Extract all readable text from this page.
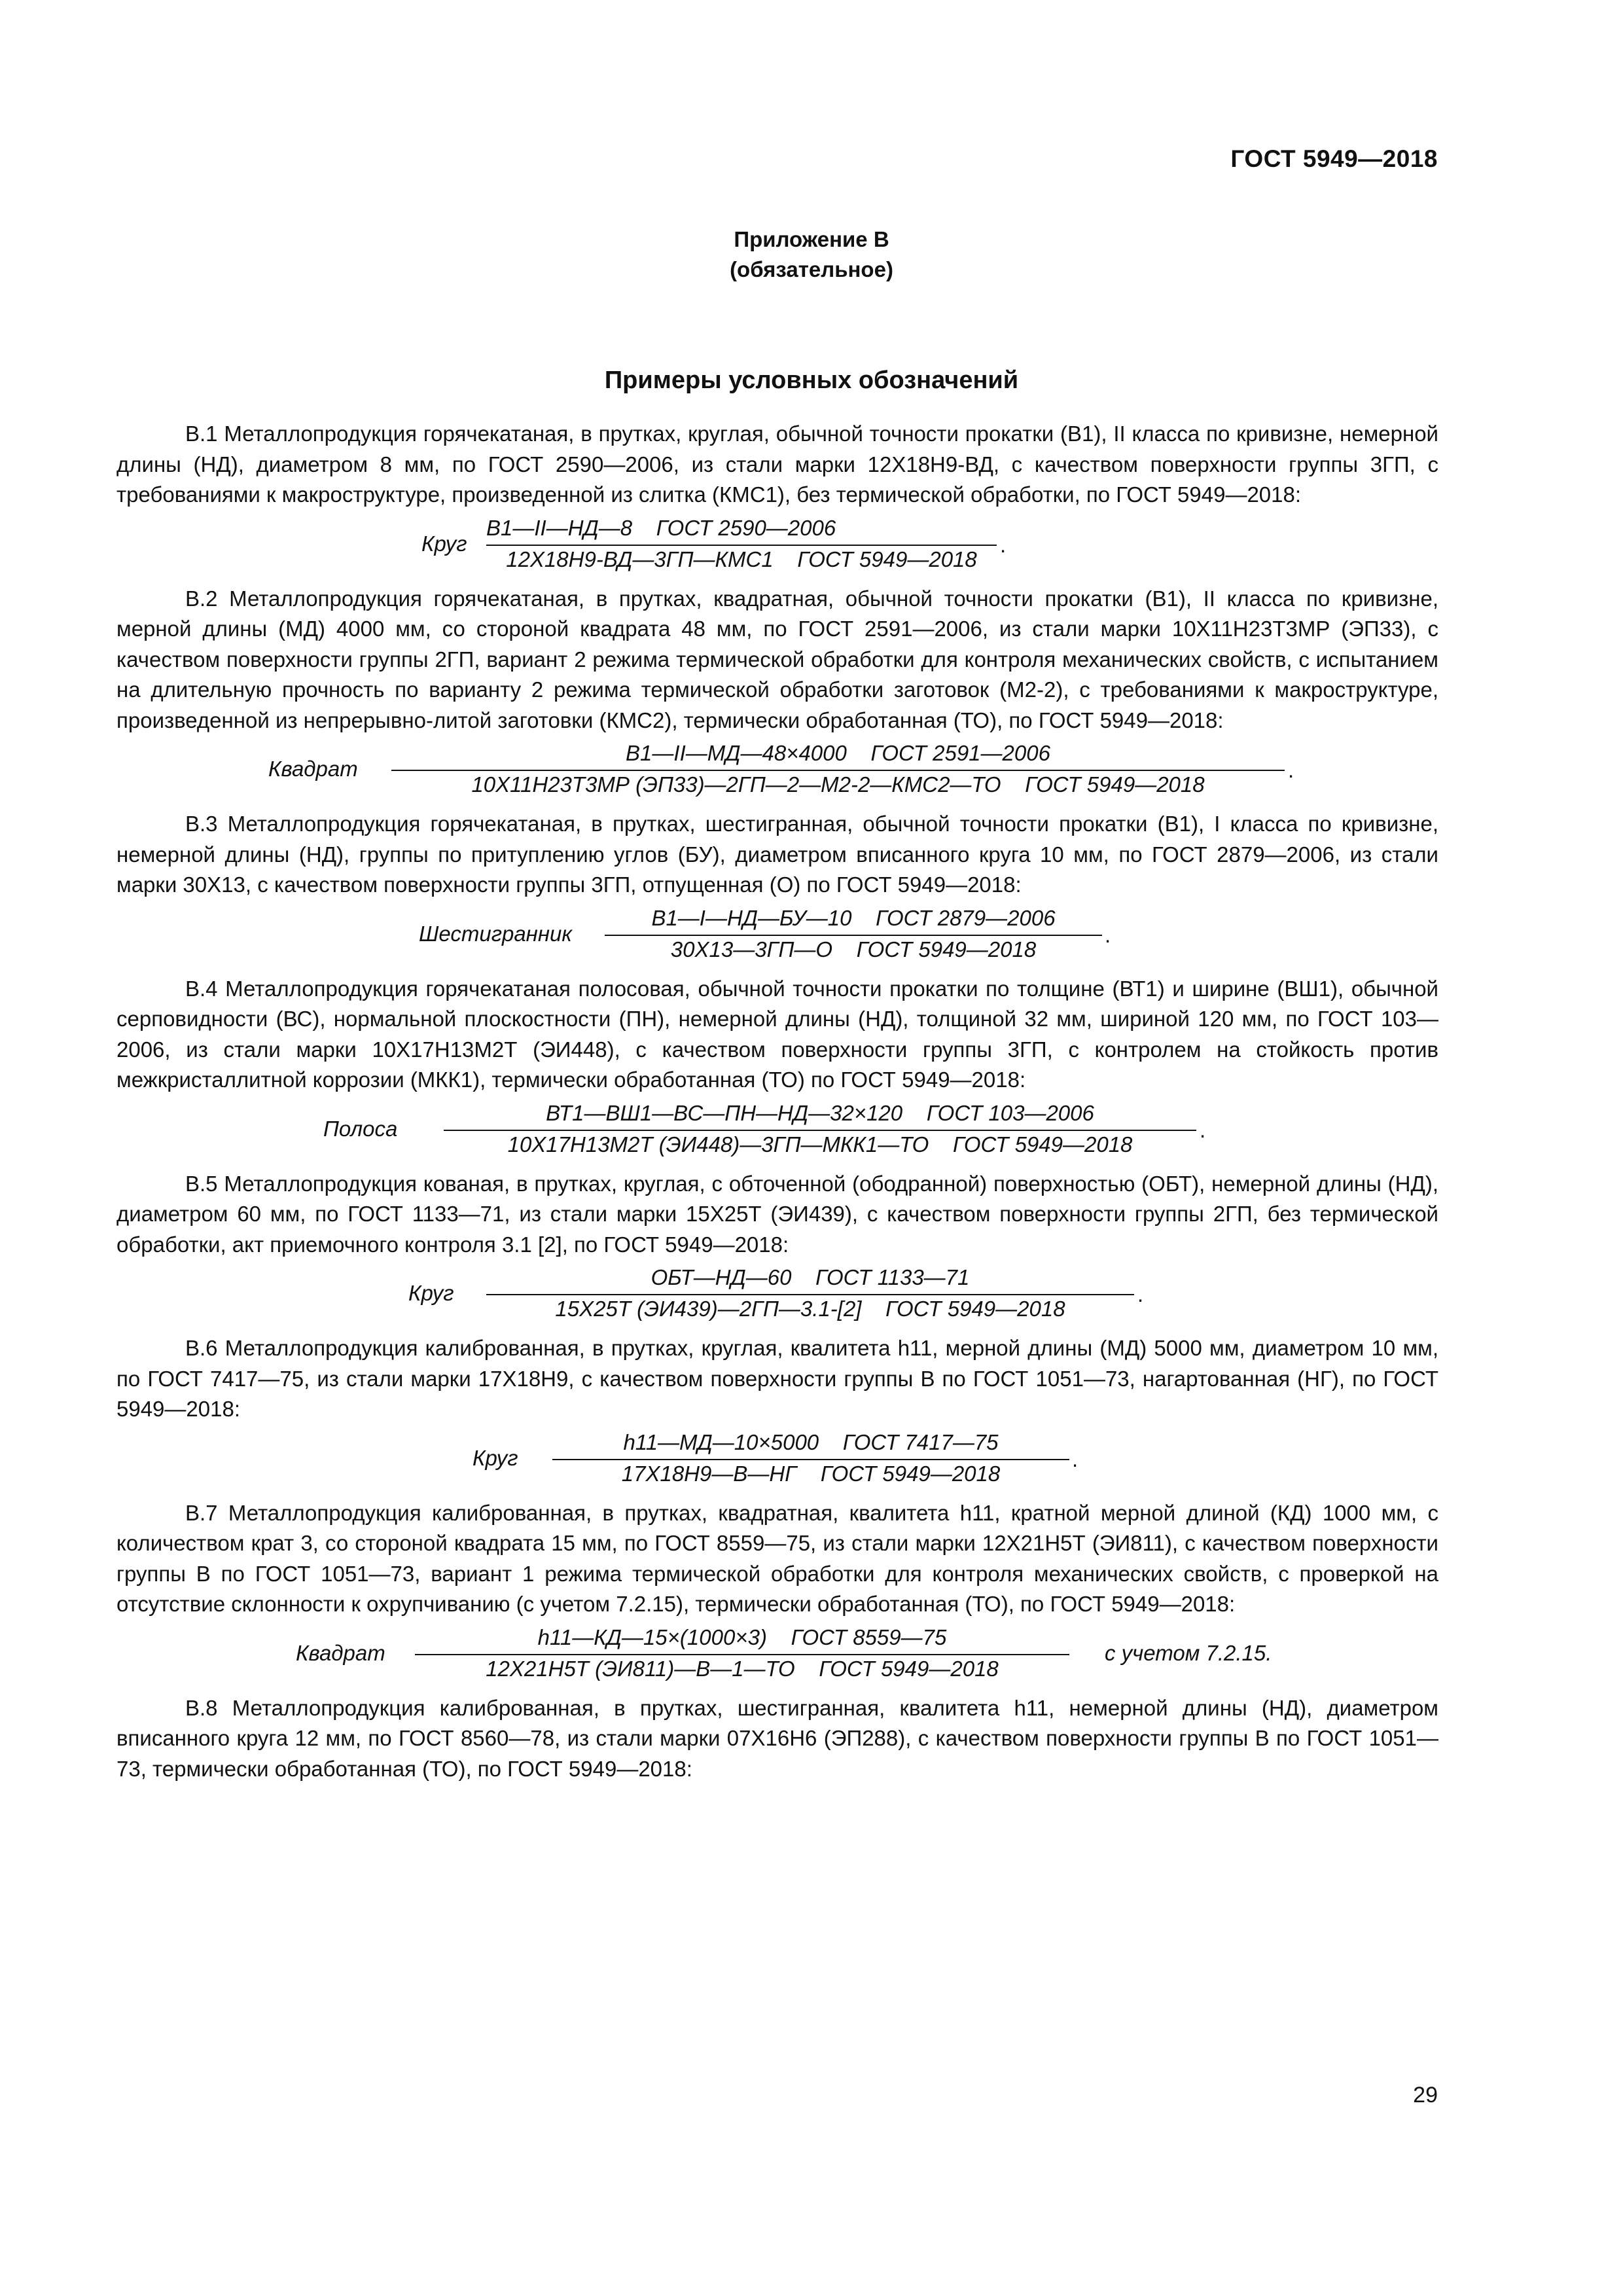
ГОСТ 5949—2018
Приложение В
(обязательное)
Примеры условных обозначений

В.1 Металлопродукция горячекатаная, в прутках, круглая, обычной точности прокатки (В1), II класса по кривизне, немерной длины (НД), диаметром 8 мм, по ГОСТ 2590—2006, из стали марки 12Х18Н9-ВД, с качеством поверхности группы 3ГП, с требованиями к макроструктуре, произведенной из слитка (КМС1), без термической обработки, по ГОСТ 5949—2018:

Круг
В1—II—НД—8    ГОСТ 2590—2006
12Х18Н9-ВД—3ГП—КМС1    ГОСТ 5949—2018
.

В.2 Металлопродукция горячекатаная, в прутках, квадратная, обычной точности прокатки (В1), II класса по кривизне, мерной длины (МД) 4000 мм, со стороной квадрата 48 мм, по ГОСТ 2591—2006, из стали марки 10Х11Н23Т3МР (ЭП33), с качеством поверхности группы 2ГП, вариант 2 режима термической обработки для контроля механических свойств, с испытанием на длительную прочность по варианту 2 режима термической обработки заготовок (М2-2), с требованиями к макроструктуре, произведенной из непрерывно-литой заготовки (КМС2), термически обработанная (ТО), по ГОСТ 5949—2018:

Квадрат
В1—II—МД—48×4000    ГОСТ 2591—2006
10Х11Н23Т3МР (ЭП33)—2ГП—2—М2-2—КМС2—ТО    ГОСТ 5949—2018
.

В.3 Металлопродукция горячекатаная, в прутках, шестигранная, обычной точности прокатки (В1), I класса по кривизне, немерной длины (НД), группы по притуплению углов (БУ), диаметром вписанного круга 10 мм, по ГОСТ 2879—2006, из стали марки 30Х13, с качеством поверхности группы 3ГП, отпущенная (О) по ГОСТ 5949—2018:

Шестигранник
В1—I—НД—БУ—10    ГОСТ 2879—2006
30Х13—3ГП—О    ГОСТ 5949—2018
.

В.4 Металлопродукция горячекатаная полосовая, обычной точности прокатки по толщине (ВТ1) и ширине (ВШ1), обычной серповидности (ВС), нормальной плоскостности (ПН), немерной длины (НД), толщиной 32 мм, шириной 120 мм, по ГОСТ 103—2006, из стали марки 10Х17Н13М2Т (ЭИ448), с качеством поверхности группы 3ГП, с контролем на стойкость против межкристаллитной коррозии (МКК1), термически обработанная (ТО) по ГОСТ 5949—2018:

Полоса
ВТ1—ВШ1—ВС—ПН—НД—32×120    ГОСТ 103—2006
10Х17Н13М2Т (ЭИ448)—3ГП—МКК1—ТО    ГОСТ 5949—2018
.

В.5 Металлопродукция кованая, в прутках, круглая, с обточенной (ободранной) поверхностью (ОБТ), немерной длины (НД), диаметром 60 мм, по ГОСТ 1133—71, из стали марки 15Х25Т (ЭИ439), с качеством поверхности группы 2ГП, без термической обработки, акт приемочного контроля 3.1 [2], по ГОСТ 5949—2018:

Круг
ОБТ—НД—60    ГОСТ 1133—71
15Х25Т (ЭИ439)—2ГП—3.1-[2]    ГОСТ 5949—2018
.

В.6 Металлопродукция калиброванная, в прутках, круглая, квалитета h11, мерной длины (МД) 5000 мм, диаметром 10 мм, по ГОСТ 7417—75, из стали марки 17Х18Н9, с качеством поверхности группы В по ГОСТ 1051—73, нагартованная (НГ), по ГОСТ 5949—2018:

Круг
h11—МД—10×5000    ГОСТ 7417—75
17Х18Н9—В—НГ    ГОСТ 5949—2018
.

В.7 Металлопродукция калиброванная, в прутках, квадратная, квалитета h11, кратной мерной длиной (КД) 1000 мм, с количеством крат 3, со стороной квадрата 15 мм, по ГОСТ 8559—75, из стали марки 12Х21Н5Т (ЭИ811), с качеством поверхности группы В по ГОСТ 1051—73, вариант 1 режима термической обработки для контроля механических свойств, с проверкой на отсутствие склонности к охрупчиванию (с учетом 7.2.15), термически обработанная (ТО), по ГОСТ 5949—2018:

Квадрат
h11—КД—15×(1000×3)    ГОСТ 8559—75
12Х21Н5Т (ЭИ811)—В—1—ТО    ГОСТ 5949—2018
с учетом 7.2.15.

В.8 Металлопродукция калиброванная, в прутках, шестигранная, квалитета h11, немерной длины (НД), диаметром вписанного круга 12 мм, по ГОСТ 8560—78, из стали марки 07Х16Н6 (ЭП288), с качеством поверхности группы В по ГОСТ 1051—73, термически обработанная (ТО), по ГОСТ 5949—2018:

29
